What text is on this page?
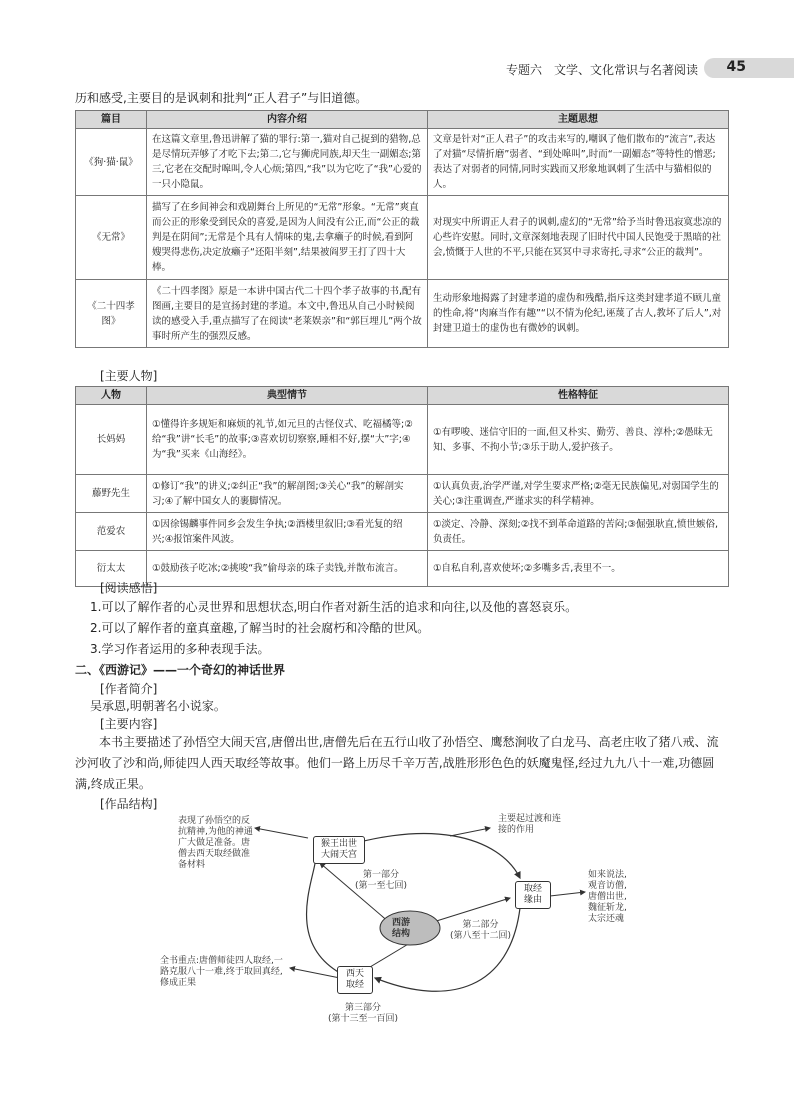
专题六　文学、文化常识与名著阅读 45
历和感受,主要目的是讽刺和批判“正人君子”与旧道德。
篇目	内容介绍	主题思想
《狗·猫·鼠》	在这篇文章里,鲁迅讲解了猫的罪行:第一,猫对自己捉到的猎物,总是尽情玩弄够了才吃下去;第二,它与狮虎同族,却天生一副媚态;第三,它老在交配时嗥叫,令人心烦;第四,“我”以为它吃了“我”心爱的一只小隐鼠。	文章是针对“正人君子”的攻击来写的,嘲讽了他们散布的“流言”,表达了对猫“尽情折磨”弱者、“到处嗥叫”,时而“一副媚态”等特性的憎恶;表达了对弱者的同情,同时实践而又形象地讽刺了生活中与猫相似的人。
《无常》	描写了在乡间神会和戏剧舞台上所见的“无常”形象。“无常”爽直而公正的形象受到民众的喜爱,是因为人间没有公正,而“公正的裁判是在阴间”;无常是个具有人情味的鬼,去拿癞子的时候,看到阿嫂哭得悲伤,决定放癞子“还阳半刻”,结果被阎罗王打了四十大棒。	对现实中所谓正人君子的讽刺,虚幻的“无常”给予当时鲁迅寂寞悲凉的心些许安慰。同时,文章深刻地表现了旧时代中国人民饱受于黑暗的社会,愤慨于人世的不平,只能在冥冥中寻求寄托,寻求“公正的裁判”。
《二十四孝图》	《二十四孝图》原是一本讲中国古代二十四个孝子故事的书,配有图画,主要目的是宣扬封建的孝道。本文中,鲁迅从自己小时候阅读的感受入手,重点描写了在阅读“老莱娱亲”和“郭巨埋儿”两个故事时所产生的强烈反感。	生动形象地揭露了封建孝道的虚伪和残酷,指斥这类封建孝道不顾儿童的性命,将“肉麻当作有趣”“以不情为伦纪,诬蔑了古人,教坏了后人”,对封建卫道士的虚伪也有微妙的讽刺。
[主要人物]
人物	典型情节	性格特征
长妈妈	①懂得许多规矩和麻烦的礼节,如元旦的古怪仪式、吃福橘等;②给“我”讲“长毛”的故事;③喜欢切切察察,睡相不好,摆“大”字;④为“我”买来《山海经》。	①有啰唆、迷信守旧的一面,但又朴实、勤劳、善良、淳朴;②愚昧无知、多事、不拘小节;③乐于助人,爱护孩子。
藤野先生	①修订“我”的讲义;②纠正“我”的解剖图;③关心“我”的解剖实习;④了解中国女人的裹脚情况。	①认真负责,治学严谨,对学生要求严格;②毫无民族偏见,对弱国学生的关心;③注重调查,严谨求实的科学精神。
范爱农	①因徐锡麟事件同乡会发生争执;②酒楼里叙旧;③看光复的绍兴;④报馆案件风波。	①淡定、冷静、深刻;②找不到革命道路的苦闷;③倔强耿直,愤世嫉俗,负责任。
衍太太	①鼓励孩子吃冰;②挑唆“我”偷母亲的珠子卖钱,并散布流言。	①自私自利,喜欢使坏;②多嘴多舌,表里不一。
[阅读感悟]
1.可以了解作者的心灵世界和思想状态,明白作者对新生活的追求和向往,以及他的喜怒哀乐。
2.可以了解作者的童真童趣,了解当时的社会腐朽和冷酷的世风。
3.学习作者运用的多种表现手法。
二、《西游记》——一个奇幻的神话世界
[作者简介]
吴承恩,明朝著名小说家。
[主要内容]
本书主要描述了孙悟空大闹天宫,唐僧出世,唐僧先后在五行山收了孙悟空、鹰愁涧收了白龙马、高老庄收了猪八戒、流沙河收了沙和尚,师徒四人西天取经等故事。他们一路上历尽千辛万苦,战胜形形色色的妖魔鬼怪,经过九九八十一难,功德圆满,终成正果。
[作品结构]
西游
结构
猴王出世
大闹天宫
取经
缘由
西天
取经
表现了孙悟空的反抗精神,为他的神通广大做足准备。唐僧去西天取经做准备材料
主要起过渡和连接的作用
如来说法,观音访僧,唐僧出世,魏征斩龙,太宗还魂
全书重点:唐僧师徒四人取经,一路克服八十一难,终于取回真经,修成正果
第一部分
(第一至七回)
第二部分
(第八至十二回)
第三部分
(第十三至一百回)
